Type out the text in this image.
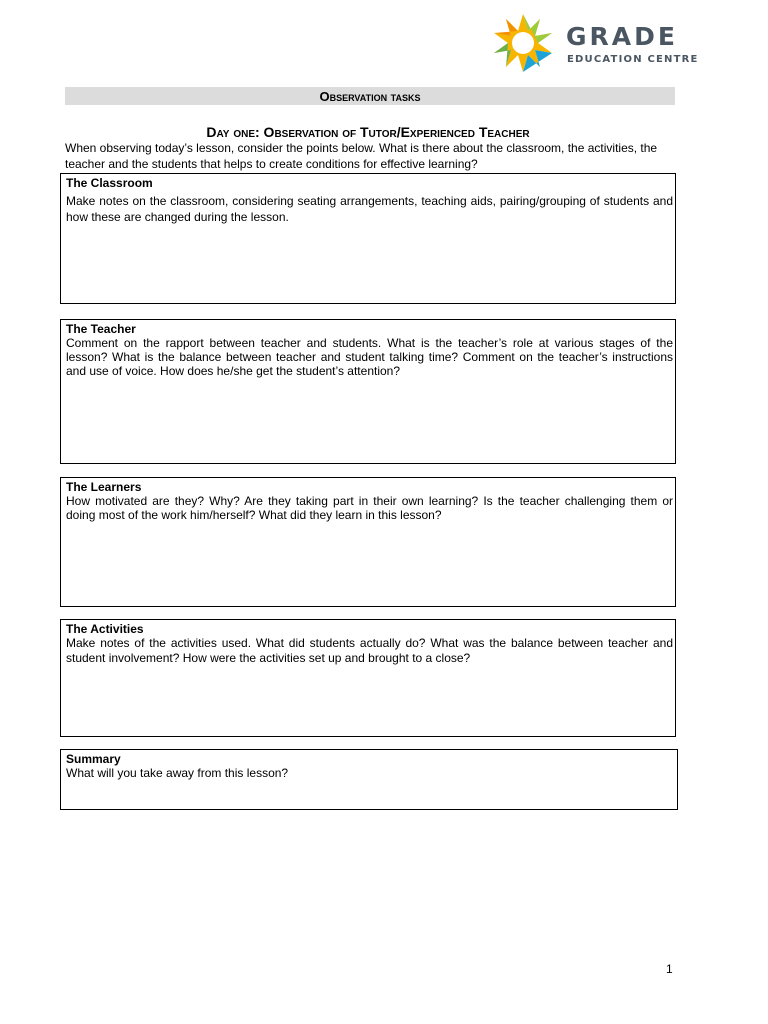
GRADE
EDUCATION CENTRE
Observation tasks
Day one: Observation of Tutor/Experienced Teacher
When observing today’s lesson, consider the points below. What is there about the classroom, the activities, the teacher and the students that helps to create conditions for effective learning?
The Classroom
Make notes on the classroom, considering seating arrangements, teaching aids, pairing/grouping of students and how these are changed during the lesson.
The Teacher
Comment on the rapport between teacher and students. What is the teacher’s role at various stages of the lesson? What is the balance between teacher and student talking time? Comment on the teacher’s instructions and use of voice. How does he/she get the student’s attention?
The Learners
How motivated are they? Why? Are they taking part in their own learning? Is the teacher challenging them or doing most of the work him/herself? What did they learn in this lesson?
The Activities
Make notes of the activities used. What did students actually do? What was the balance between teacher and student involvement? How were the activities set up and brought to a close?
Summary
What will you take away from this lesson?
1
